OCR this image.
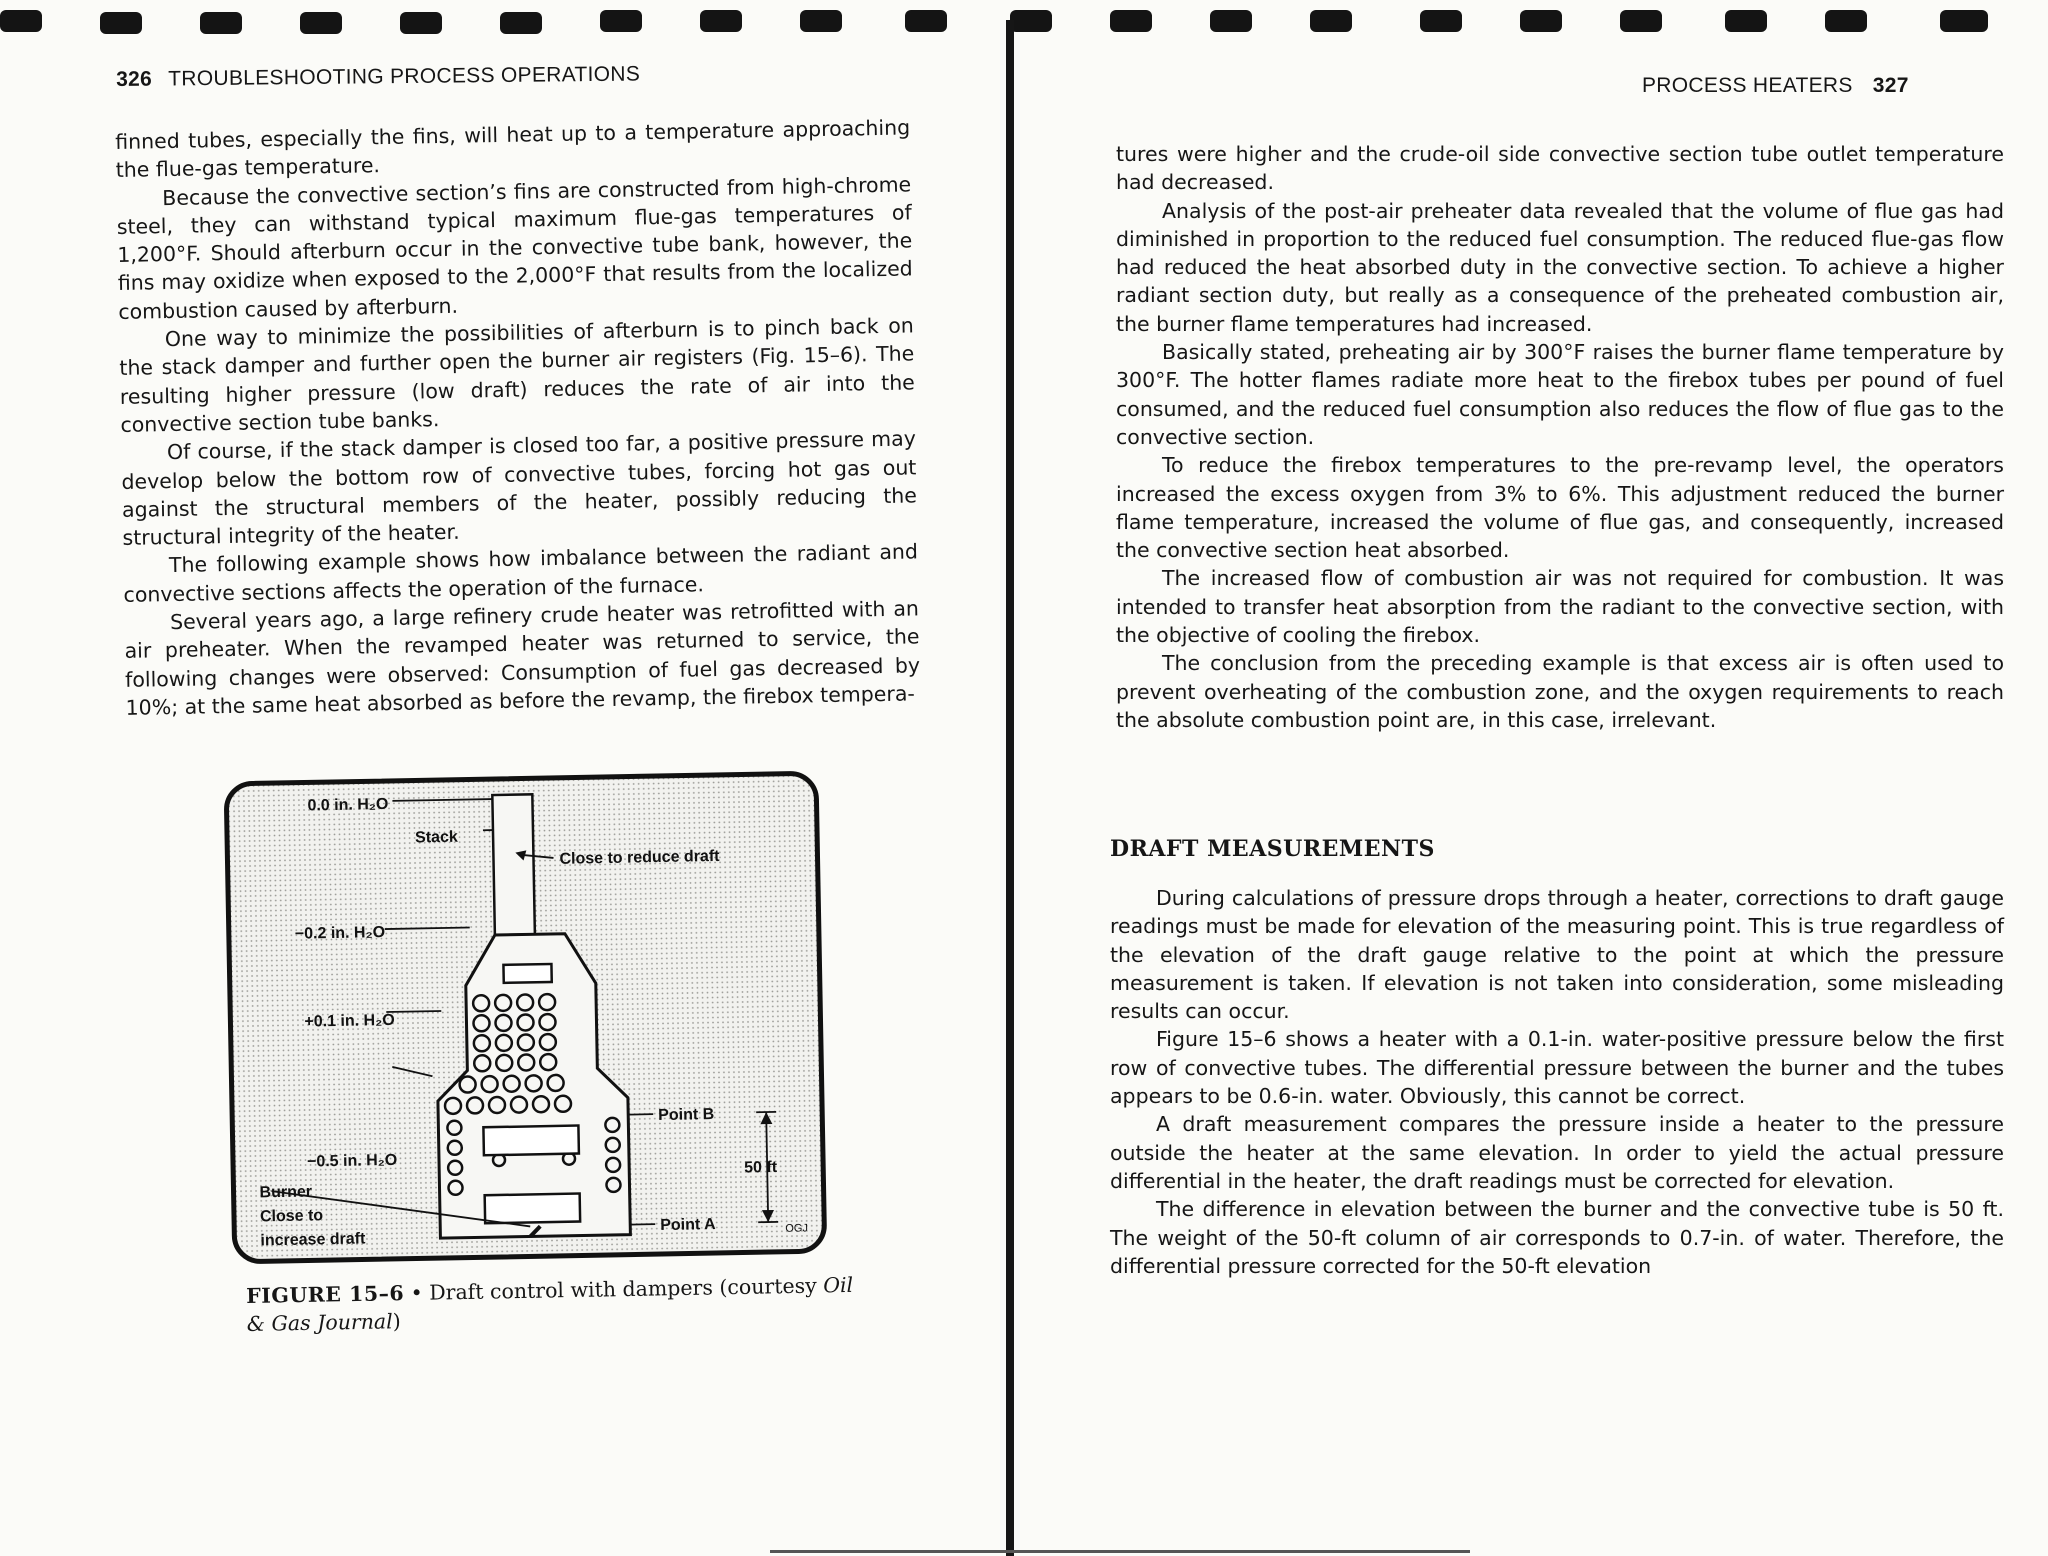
326 TROUBLESHOOTING PROCESS OPERATIONS

finned tubes, especially the fins, will heat up to a temperature approaching the flue-gas temperature.

Because the convective section’s fins are constructed from high-chrome steel, they can withstand typical maximum flue-gas temperatures of 1,200°F. Should afterburn occur in the convective tube bank, however, the fins may oxidize when exposed to the 2,000°F that results from the localized combustion caused by afterburn.

One way to minimize the possibilities of afterburn is to pinch back on the stack damper and further open the burner air registers (Fig. 15–6). The resulting higher pressure (low draft) reduces the rate of air into the convective section tube banks.

Of course, if the stack damper is closed too far, a positive pressure may develop below the bottom row of convective tubes, forcing hot gas out against the structural members of the heater, possibly reducing the structural integrity of the heater.

The following example shows how imbalance between the radiant and convective sections affects the operation of the furnace.

Several years ago, a large refinery crude heater was retrofitted with an air preheater. When the revamped heater was returned to service, the following changes were observed: Consumption of fuel gas decreased by 10%; at the same heat absorbed as before the revamp, the firebox tempera-

0.0 in. H₂O
Stack
Close to reduce draft
−0.2 in. H₂O
+0.1 in. H₂O
Point B
−0.5 in. H₂O	50 ft
Burner
Close to
increase draft
Point A	OGJ
FIGURE 15–6 • Draft control with dampers (courtesy Oil & Gas Journal)
PROCESS HEATERS 327

tures were higher and the crude-oil side convective section tube outlet temperature had decreased.

Analysis of the post-air preheater data revealed that the volume of flue gas had diminished in proportion to the reduced fuel consumption. The reduced flue-gas flow had reduced the heat absorbed duty in the convective section. To achieve a higher radiant section duty, but really as a consequence of the preheated combustion air, the burner flame temperatures had increased.

Basically stated, preheating air by 300°F raises the burner flame temperature by 300°F. The hotter flames radiate more heat to the firebox tubes per pound of fuel consumed, and the reduced fuel consumption also reduces the flow of flue gas to the convective section.

To reduce the firebox temperatures to the pre-revamp level, the operators increased the excess oxygen from 3% to 6%. This adjustment reduced the burner flame temperature, increased the volume of flue gas, and consequently, increased the convective section heat absorbed.

The increased flow of combustion air was not required for combustion. It was intended to transfer heat absorption from the radiant to the convective section, with the objective of cooling the firebox.

The conclusion from the preceding example is that excess air is often used to prevent overheating of the combustion zone, and the oxygen requirements to reach the absolute combustion point are, in this case, irrelevant.

DRAFT MEASUREMENTS

During calculations of pressure drops through a heater, corrections to draft gauge readings must be made for elevation of the measuring point. This is true regardless of the elevation of the draft gauge relative to the point at which the pressure measurement is taken. If elevation is not taken into consideration, some misleading results can occur.

Figure 15–6 shows a heater with a 0.1-in. water-positive pressure below the first row of convective tubes. The differential pressure between the burner and the tubes appears to be 0.6-in. water. Obviously, this cannot be correct.

A draft measurement compares the pressure inside a heater to the pressure outside the heater at the same elevation. In order to yield the actual pressure differential in the heater, the draft readings must be corrected for elevation.

The difference in elevation between the burner and the convective tube is 50 ft. The weight of the 50-ft column of air corresponds to 0.7-in. of water. Therefore, the differential pressure corrected for the 50-ft elevation
